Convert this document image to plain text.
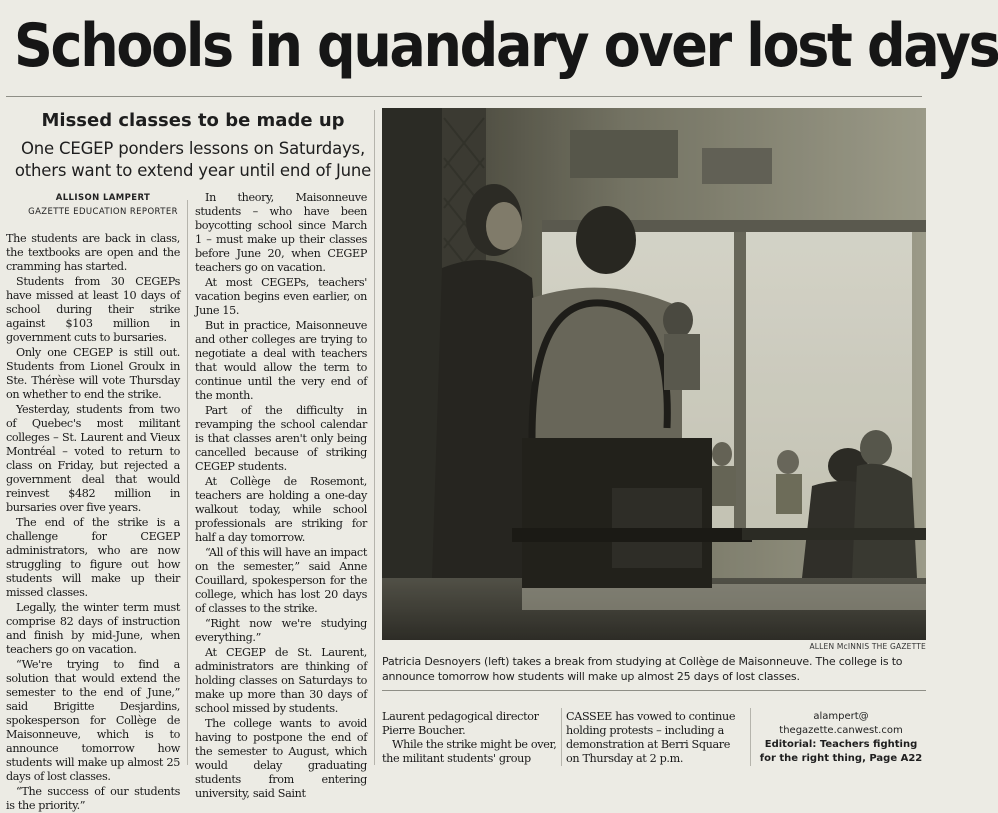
Schools in quandary over lost days
Missed classes to be made up
One CEGEP ponders lessons on Saturdays,
others want to extend year until end of June
ALLISON LAMPERT
GAZETTE EDUCATION REPORTER

The students are back in class, the textbooks are open and the cramming has started.

Students from 30 CEGEPs have missed at least 10 days of school during their strike against $103 million in government cuts to bursaries.

Only one CEGEP is still out. Students from Lionel Groulx in Ste. Thérèse will vote Thursday on whether to end the strike.

Yesterday, students from two of Quebec's most militant colleges – St. Laurent and Vieux Montréal – voted to return to class on Friday, but rejected a government deal that would reinvest $482 million in bursaries over five years.

The end of the strike is a challenge for CEGEP administrators, who are now struggling to figure out how students will make up their missed classes.

Legally, the winter term must comprise 82 days of instruction and finish by mid-June, when teachers go on vacation.

“We're trying to find a solution that would extend the semester to the end of June,” said Brigitte Desjardins, spokesperson for Collège de Maisonneuve, which is to announce tomorrow how students will make up almost 25 days of lost classes.

“The success of our students is the priority.”

In theory, Maisonneuve students – who have been boycotting school since March 1 – must make up their classes before June 20, when CEGEP teachers go on vacation.

At most CEGEPs, teachers' vacation begins even earlier, on June 15.

But in practice, Maisonneuve and other colleges are trying to negotiate a deal with teachers that would allow the term to continue until the very end of the month.

Part of the difficulty in revamping the school calendar is that classes aren't only being cancelled because of striking CEGEP students.

At Collège de Rosemont, teachers are holding a one-day walkout today, while school professionals are striking for half a day tomorrow.

“All of this will have an impact on the semester,” said Anne Couillard, spokesperson for the college, which has lost 20 days of classes to the strike.

“Right now we're studying everything.”

At CEGEP de St. Laurent, administrators are thinking of holding classes on Saturdays to make up more than 30 days of school missed by students.

The college wants to avoid having to postpone the end of the semester to August, which would delay graduating students from entering university, said Saint

ALLEN McINNIS THE GAZETTE
Patricia Desnoyers (left) takes a break from studying at Collège de Maisonneuve. The college is to announce tomorrow how students will make up almost 25 days of lost classes.

Laurent pedagogical director Pierre Boucher.

While the strike might be over, the militant students' group

CASSEE has vowed to continue holding protests – including a demonstration at Berri Square on Thursday at 2 p.m.

alampert@
thegazette.canwest.com
Editorial: Teachers fighting
for the right thing, Page A22
